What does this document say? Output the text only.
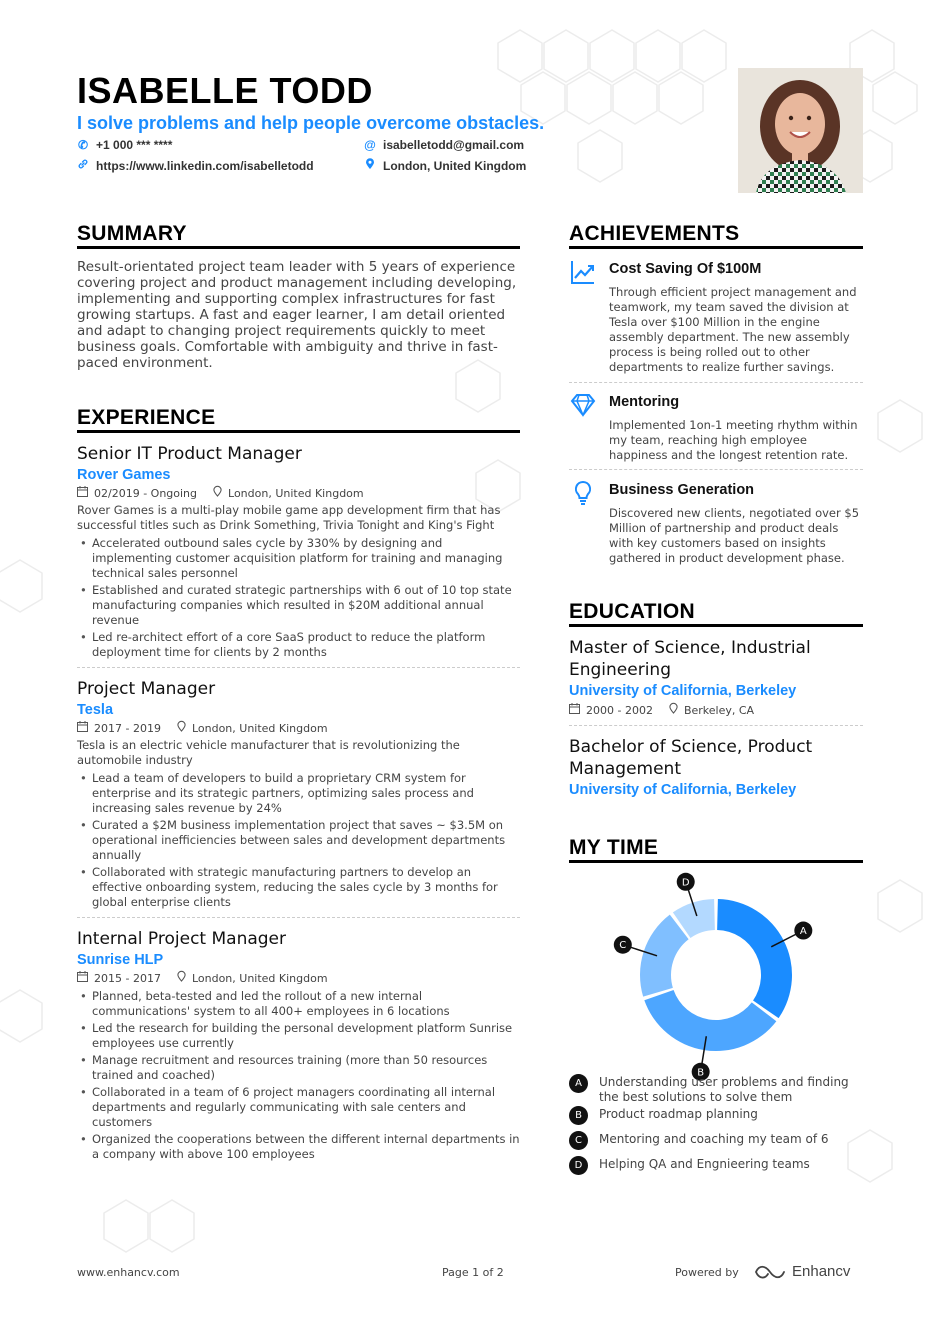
ISABELLE TODD
I solve problems and help people overcome obstacles.
✆ +1 000 *** ****	@ isabelletodd@gmail.com
https://www.linkedin.com/isabelletodd	London, United Kingdom
SUMMARY
Result-orientated project team leader with 5 years of experience covering project and product management including developing, implementing and supporting complex infrastructures for fast growing startups. A fast and eager learner, I am detail oriented and adapt to changing project requirements quickly to meet business goals. Comfortable with ambiguity and thrive in fast-paced environment.
EXPERIENCE
Senior IT Product Manager
Rover Games
02/2019 - Ongoing	London, United Kingdom
Rover Games is a multi-play mobile game app development firm that has successful titles such as Drink Something, Trivia Tonight and King's Fight
• Accelerated outbound sales cycle by 330% by designing and implementing customer acquisition platform for training and managing technical sales personnel
• Established and curated strategic partnerships with 6 out of 10 top state manufacturing companies which resulted in $20M additional annual revenue
• Led re-architect effort of a core SaaS product to reduce the platform deployment time for clients by 2 months
Project Manager
Tesla
2017 - 2019	London, United Kingdom
Tesla is an electric vehicle manufacturer that is revolutionizing the automobile industry
• Lead a team of developers to build a proprietary CRM system for enterprise and its strategic partners, optimizing sales process and increasing sales revenue by 24%
• Curated a $2M business implementation project that saves ~ $3.5M on operational inefficiencies between sales and development departments annually
• Collaborated with strategic manufacturing partners to develop an effective onboarding system, reducing the sales cycle by 3 months for global enterprise clients
Internal Project Manager
Sunrise HLP
2015 - 2017	London, United Kingdom
• Planned, beta-tested and led the rollout of a new internal communications' system to all 400+ employees in 6 locations
• Led the research for building the personal development platform Sunrise employees use currently
• Manage recruitment and resources training (more than 50 resources trained and coached)
• Collaborated in a team of 6 project managers coordinating all internal departments and regularly communicating with sale centers and customers
• Organized the cooperations between the different internal departments in a company with above 100 employees
ACHIEVEMENTS
Cost Saving Of $100M
Through efficient project management and teamwork, my team saved the division at Tesla over $100 Million in the engine assembly department. The new assembly process is being rolled out to other departments to realize further savings.
Mentoring
Implemented 1on-1 meeting rhythm within my team, reaching high employee happiness and the longest retention rate.
Business Generation
Discovered new clients, negotiated over $5 Million of partnership and product deals with key customers based on insights gathered in product development phase.
EDUCATION
Master of Science, Industrial Engineering
University of California, Berkeley
2000 - 2002	Berkeley, CA
Bachelor of Science, Product Management
University of California, Berkeley
MY TIME
A
B
C
D
A	Understanding user problems and finding the best solutions to solve them
B	Product roadmap planning
C	Mentoring and coaching my team of 6
D	Helping QA and Engnieering teams
www.enhancv.com	Page 1 of 2	Powered by	Enhancv
